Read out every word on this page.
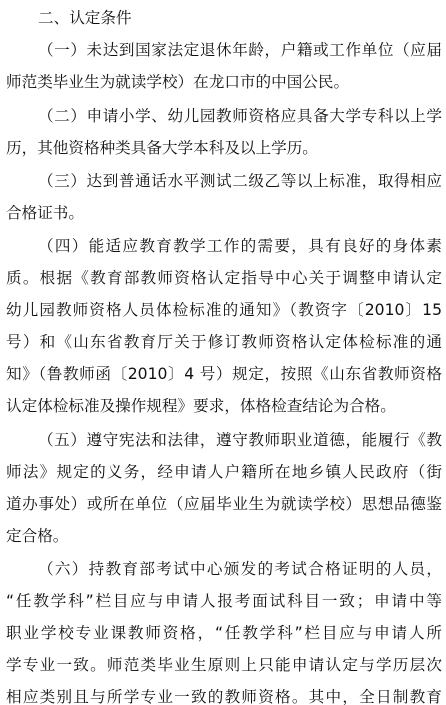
二、认定条件
（一）未达到国家法定退休年龄，户籍或工作单位（应届
师范类毕业生为就读学校）在龙口市的中国公民。
（二）申请小学、幼儿园教师资格应具备大学专科以上学
历，其他资格种类具备大学本科及以上学历。
（三）达到普通话水平测试二级乙等以上标准，取得相应
合格证书。
（四）能适应教育教学工作的需要，具有良好的身体素
质。根据《教育部教师资格认定指导中心关于调整申请认定
幼儿园教师资格人员体检标准的通知》（教资字〔2010〕15
号）和《山东省教育厅关于修订教师资格认定体检标准的通
知》（鲁教师函〔2010〕4 号）规定，按照《山东省教师资格
认定体检标准及操作规程》要求，体格检查结论为合格。
（五）遵守宪法和法律，遵守教师职业道德，能履行《教
师法》规定的义务，经申请人户籍所在地乡镇人民政府（街
道办事处）或所在单位（应届毕业生为就读学校）思想品德鉴
定合格。
（六）持教育部考试中心颁发的考试合格证明的人员，
“任教学科”栏目应与申请人报考面试科目一致；申请中等
职业学校专业课教师资格，“任教学科”栏目应与申请人所
学专业一致。师范类毕业生原则上只能申请认定与学历层次
相应类别且与所学专业一致的教师资格。其中，全日制教育
